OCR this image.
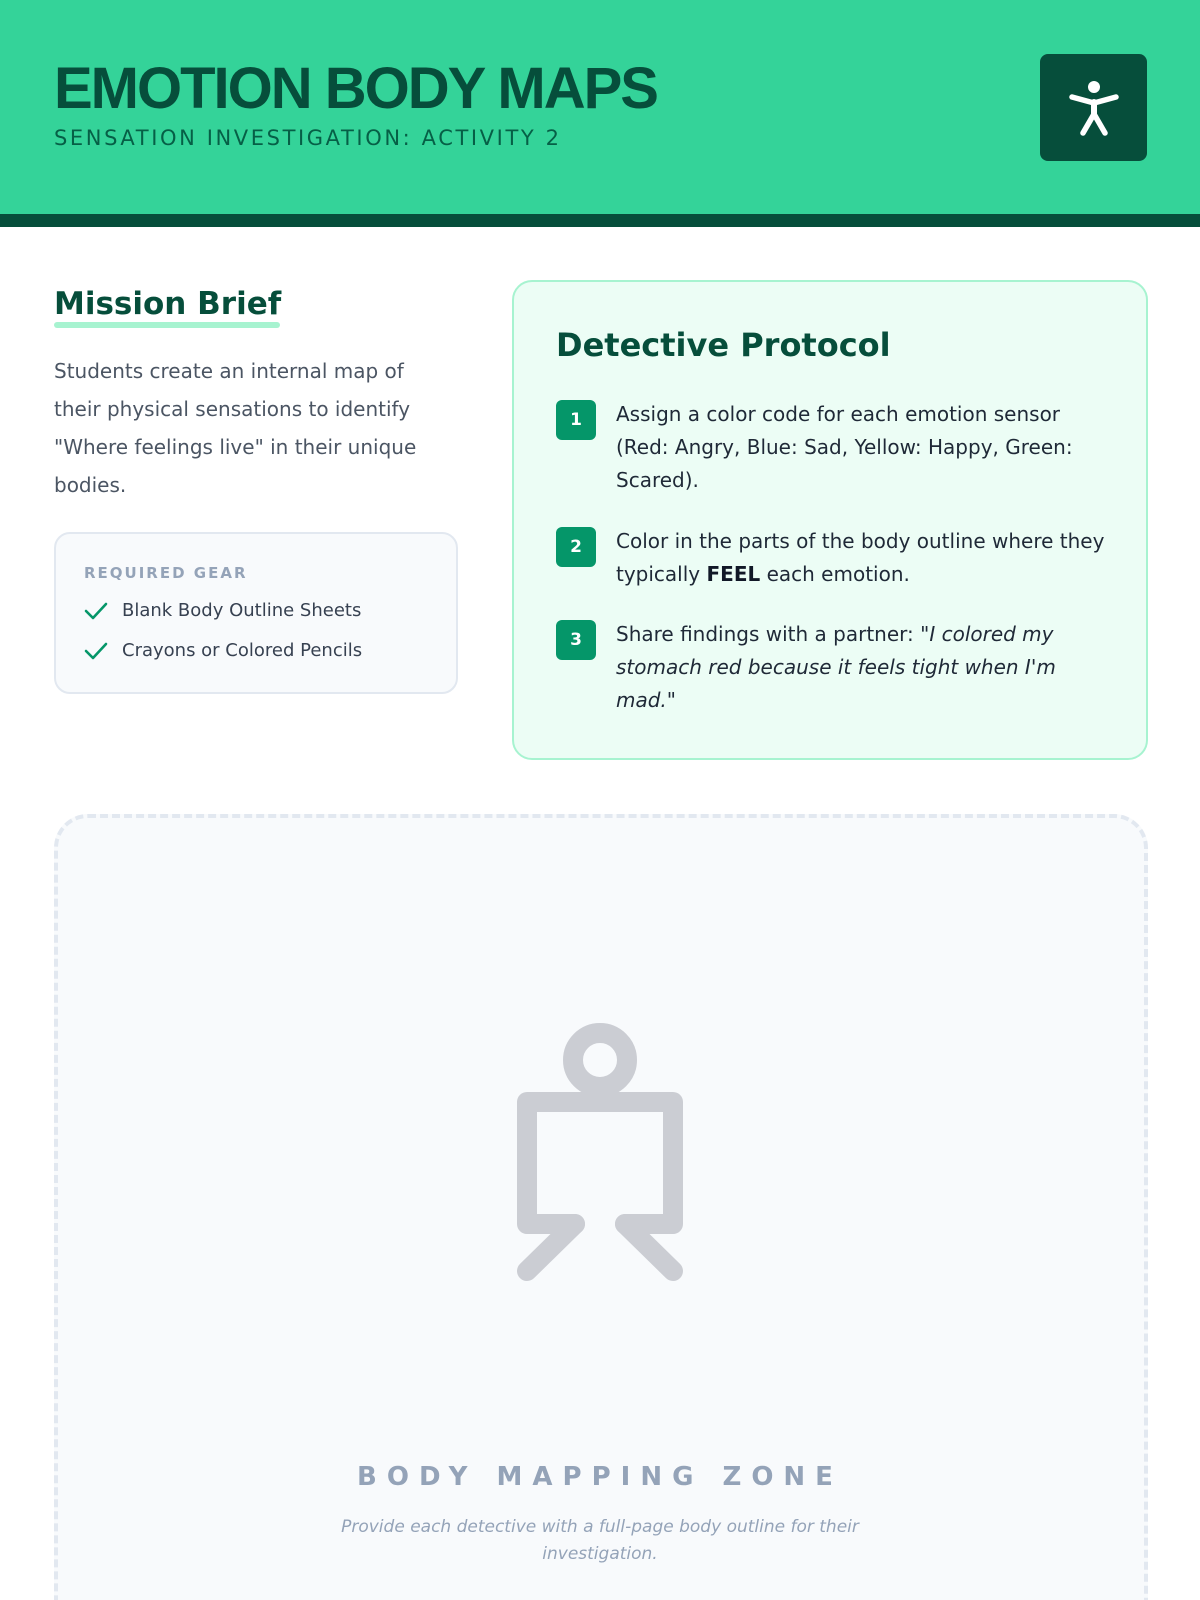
EMOTION BODY MAPS
SENSATION INVESTIGATION: ACTIVITY 2
Mission Brief

Students create an internal map of their physical sensations to identify "Where feelings live" in their unique bodies.

REQUIRED GEAR
Blank Body Outline Sheets
Crayons or Colored Pencils
Detective Protocol
1	Assign a color code for each emotion sensor (Red: Angry, Blue: Sad, Yellow: Happy, Green: Scared).
2	Color in the parts of the body outline where they typically FEEL each emotion.
3	Share findings with a partner: "I colored my stomach red because it feels tight when I'm mad."
BODY MAPPING ZONE

Provide each detective with a full-page body outline for their investigation.
